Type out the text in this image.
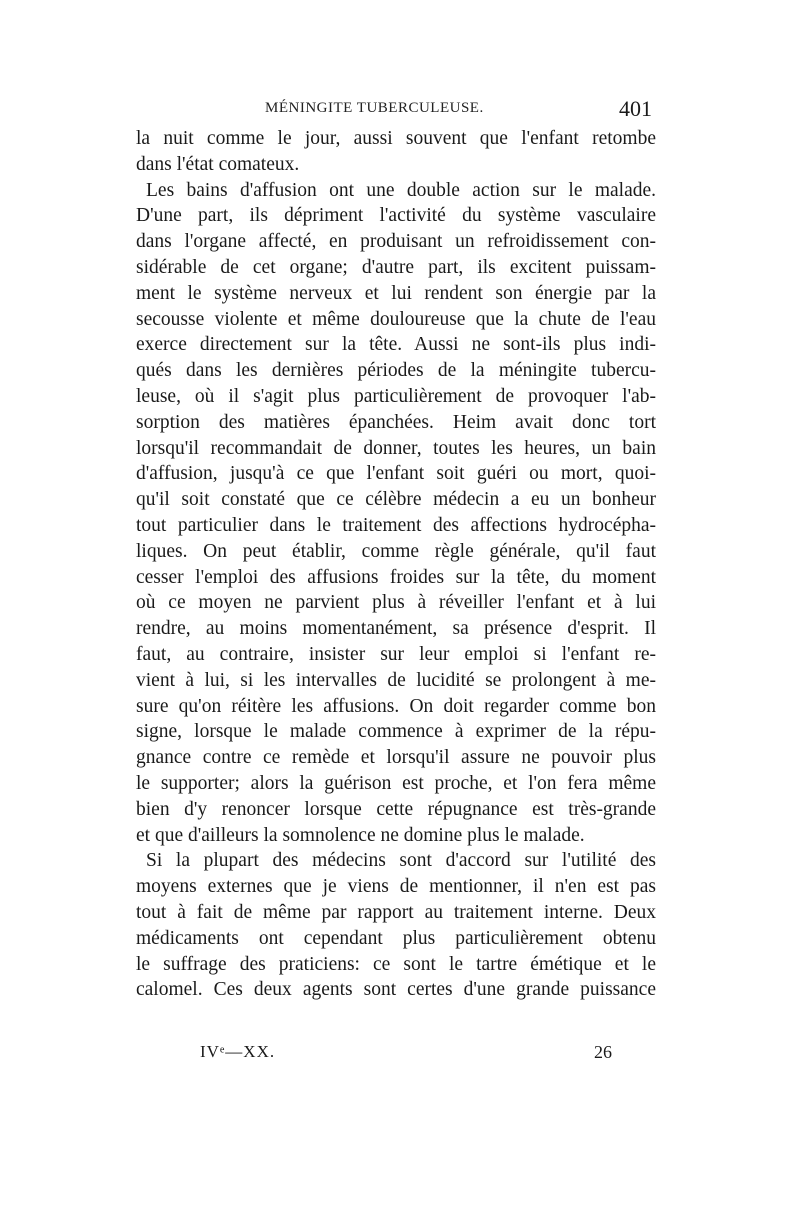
MÉNINGITE TUBERCULEUSE.	401
la nuit comme le jour, aussi souvent que l'enfant retombe
dans l'état comateux.
Les bains d'affusion ont une double action sur le malade.
D'une part, ils dépriment l'activité du système vasculaire
dans l'organe affecté, en produisant un refroidissement con-
sidérable de cet organe; d'autre part, ils excitent puissam-
ment le système nerveux et lui rendent son énergie par la
secousse violente et même douloureuse que la chute de l'eau
exerce directement sur la tête. Aussi ne sont-ils plus indi-
qués dans les dernières périodes de la méningite tubercu-
leuse, où il s'agit plus particulièrement de provoquer l'ab-
sorption des matières épanchées. Heim avait donc tort
lorsqu'il recommandait de donner, toutes les heures, un bain
d'affusion, jusqu'à ce que l'enfant soit guéri ou mort, quoi-
qu'il soit constaté que ce célèbre médecin a eu un bonheur
tout particulier dans le traitement des affections hydrocépha-
liques. On peut établir, comme règle générale, qu'il faut
cesser l'emploi des affusions froides sur la tête, du moment
où ce moyen ne parvient plus à réveiller l'enfant et à lui
rendre, au moins momentanément, sa présence d'esprit. Il
faut, au contraire, insister sur leur emploi si l'enfant re-
vient à lui, si les intervalles de lucidité se prolongent à me-
sure qu'on réitère les affusions. On doit regarder comme bon
signe, lorsque le malade commence à exprimer de la répu-
gnance contre ce remède et lorsqu'il assure ne pouvoir plus
le supporter; alors la guérison est proche, et l'on fera même
bien d'y renoncer lorsque cette répugnance est très-grande
et que d'ailleurs la somnolence ne domine plus le malade.
Si la plupart des médecins sont d'accord sur l'utilité des
moyens externes que je viens de mentionner, il n'en est pas
tout à fait de même par rapport au traitement interne. Deux
médicaments ont cependant plus particulièrement obtenu
le suffrage des praticiens: ce sont le tartre émétique et le
calomel. Ces deux agents sont certes d'une grande puissance
IVᵉ—XX.	26
